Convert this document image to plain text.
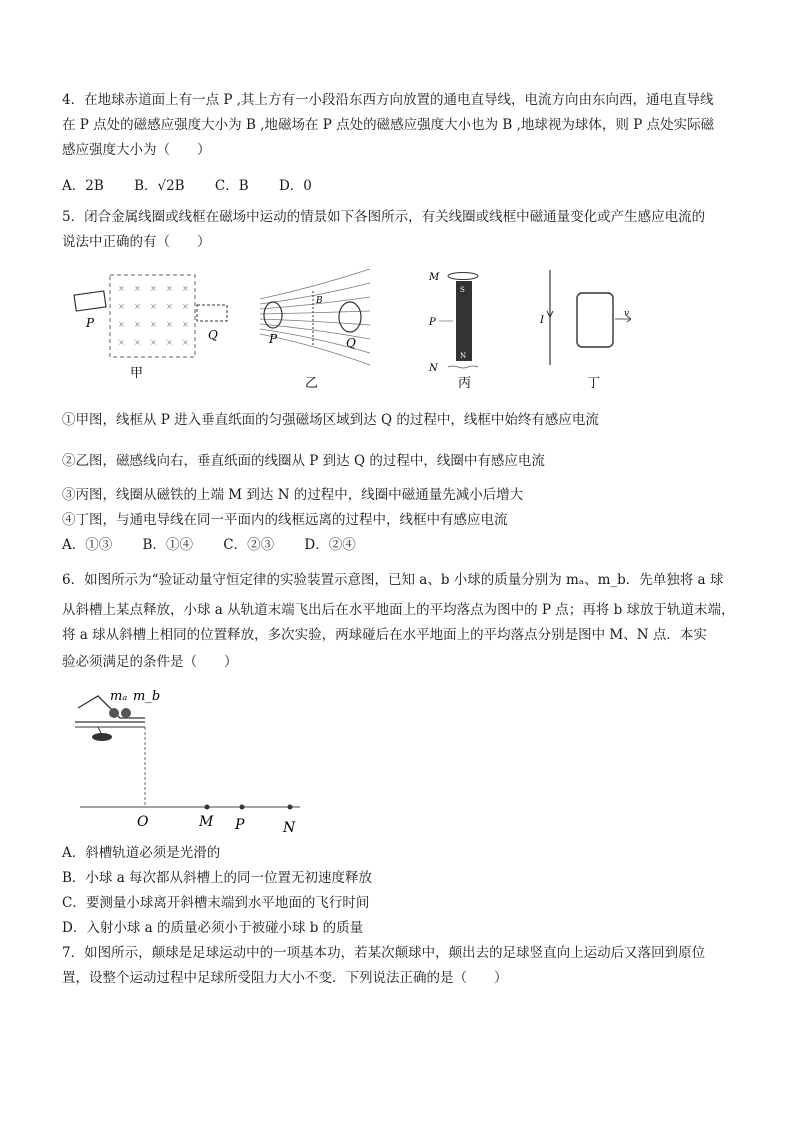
4．在地球赤道面上有一点 P ,其上方有一小段沿东西方向放置的通电直导线，电流方向由东向西，通电直导线
在 P 点处的磁感应强度大小为 B ,地磁场在 P 点处的磁感应强度大小也为 B ,地球视为球体，则 P 点处实际磁
感应强度大小为（　　）
A．2B B．√2B C．B D．0
5．闭合金属线圈或线框在磁场中运动的情景如下各图所示，有关线圈或线框中磁通量变化或产生感应电流的
说法中正确的有（　　）
× × × × ×
× × × × ×
× × × × ×
× × × × ×
P
Q
甲
B
P	Q
乙
S
N
M
P
N
丙
I
v
丁
①甲图，线框从 P 进入垂直纸面的匀强磁场区域到达 Q 的过程中，线框中始终有感应电流
②乙图，磁感线向右，垂直纸面的线圈从 P 到达 Q 的过程中，线圈中有感应电流
③丙图，线圈从磁铁的上端 M 到达 N 的过程中，线圈中磁通量先减小后增大
④丁图，与通电导线在同一平面内的线框远离的过程中，线框中有感应电流
A．①③ B．①④ C．②③ D．②④
6．如图所示为“验证动量守恒定律的实验装置示意图，已知 a、b 小球的质量分别为 mₐ、m_b．先单独将 a 球
从斜槽上某点释放，小球 a 从轨道末端飞出后在水平地面上的平均落点为图中的 P 点；再将 b 球放于轨道末端，
将 a 球从斜槽上相同的位置释放，多次实验，两球碰后在水平地面上的平均落点分别是图中 M、N 点．本实
验必须满足的条件是（　　）
mₐ m_b
O	M P	N
A．斜槽轨道必须是光滑的
B．小球 a 每次都从斜槽上的同一位置无初速度释放
C．要测量小球离开斜槽末端到水平地面的飞行时间
D．入射小球 a 的质量必须小于被碰小球 b 的质量
7．如图所示，颠球是足球运动中的一项基本功，若某次颠球中，颠出去的足球竖直向上运动后又落回到原位
置，设整个运动过程中足球所受阻力大小不变．下列说法正确的是（　　）
